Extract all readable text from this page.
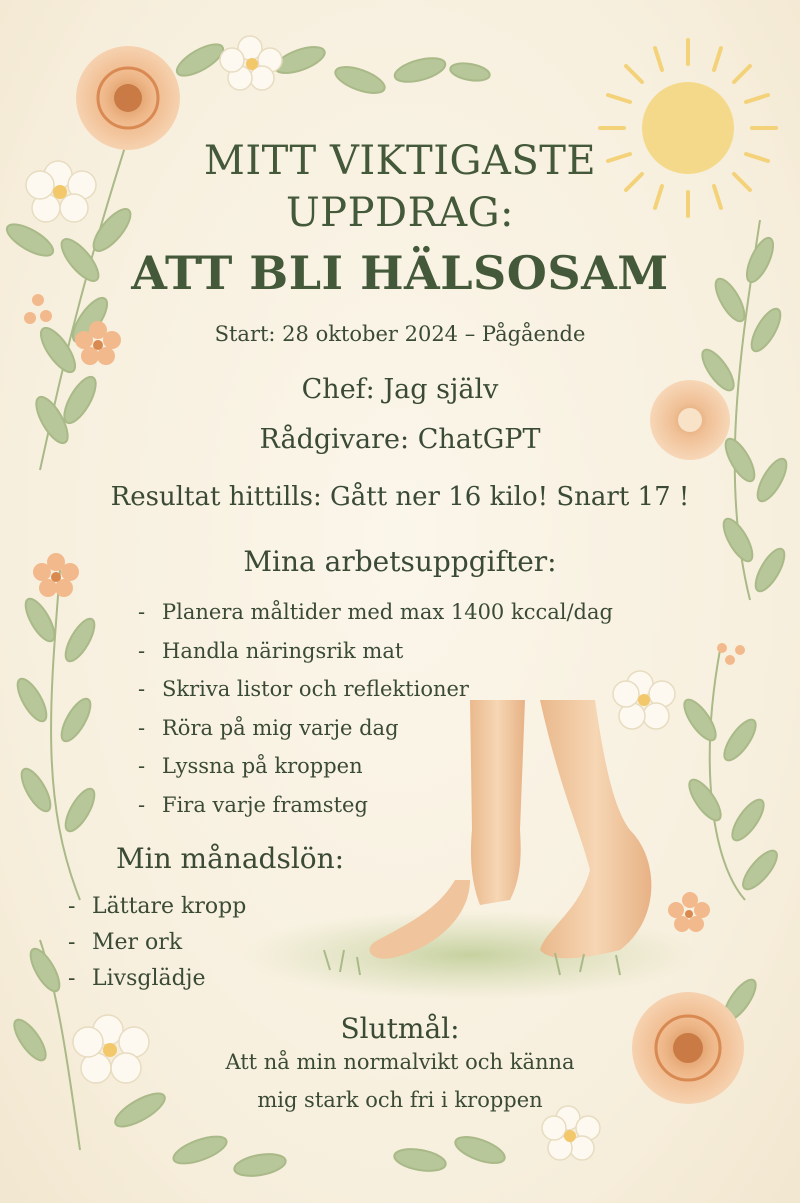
MITT VIKTIGASTE
UPPDRAG:
ATT BLI HÄLSOSAM
Start: 28 oktober 2024 – Pågående
Chef: Jag själv
Rådgivare: ChatGPT
Resultat hittills: Gått ner 16 kilo! Snart 17 !
Mina arbetsuppgifter:
- Planera måltider med max 1400 kccal/dag
- Handla näringsrik mat
- Skriva listor och reflektioner
- Röra på mig varje dag
- Lyssna på kroppen
- Fira varje framsteg
Min månadslön:
- Lättare kropp
- Mer ork
- Livsglädje
Slutmål:
Att nå min normalvikt och känna
mig stark och fri i kroppen
